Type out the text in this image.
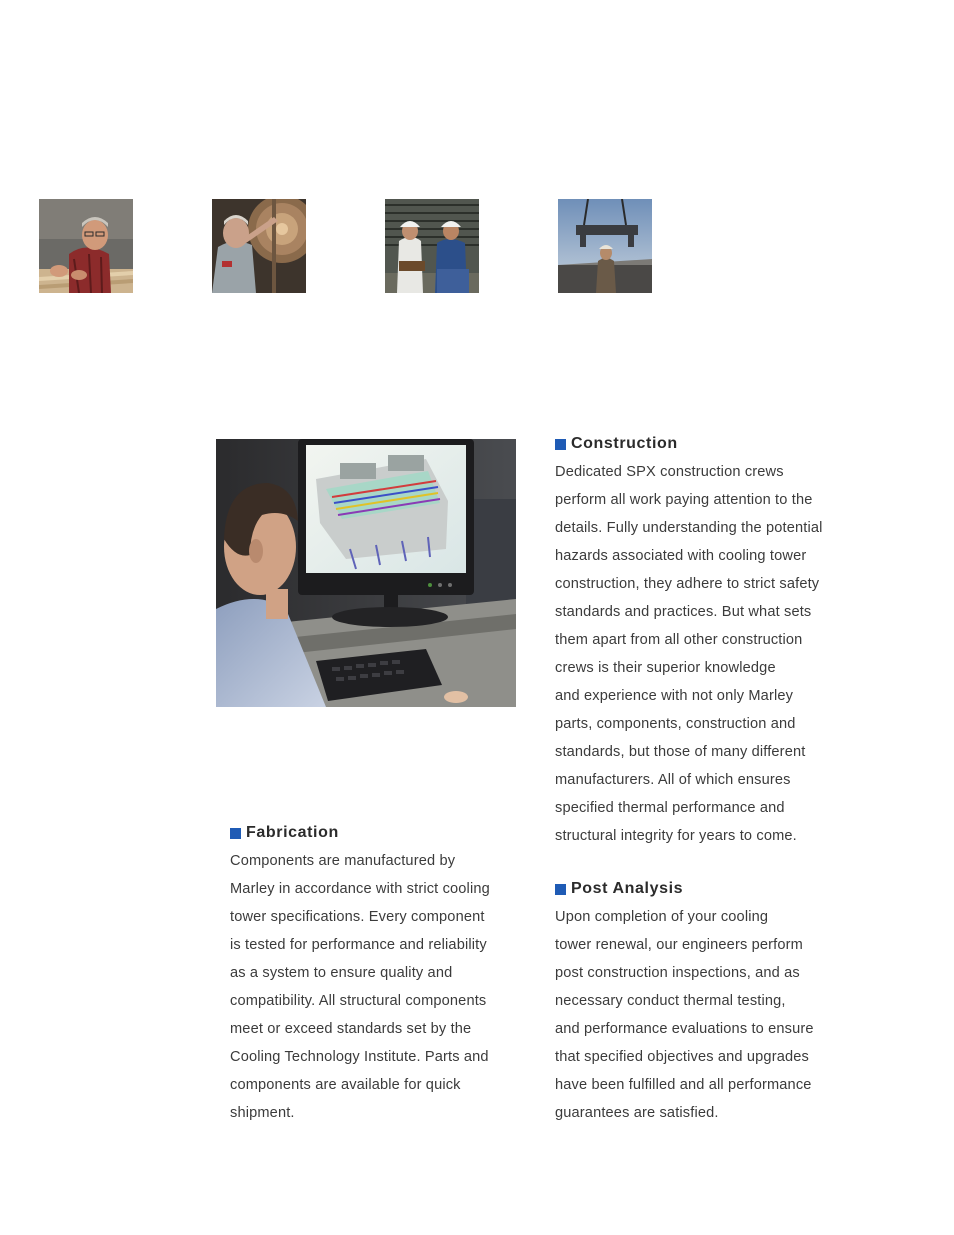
Construction
Dedicated SPX construction crews
perform all work paying attention to the
details. Fully understanding the potential
hazards associated with cooling tower
construction, they adhere to strict safety
standards and practices. But what sets
them apart from all other construction
crews is their superior knowledge
and experience with not only Marley
parts, components, construction and
standards, but those of many different
manufacturers. All of which ensures
specified thermal performance and
structural integrity for years to come.
Fabrication
Components are manufactured by
Marley in accordance with strict cooling
tower specifications. Every component
is tested for performance and reliability
as a system to ensure quality and
compatibility. All structural components
meet or exceed standards set by the
Cooling Technology Institute. Parts and
components are available for quick
shipment.
Post Analysis
Upon completion of your cooling
tower renewal, our engineers perform
post construction inspections, and as
necessary conduct thermal testing,
and performance evaluations to ensure
that specified objectives and upgrades
have been fulfilled and all performance
guarantees are satisfied.
